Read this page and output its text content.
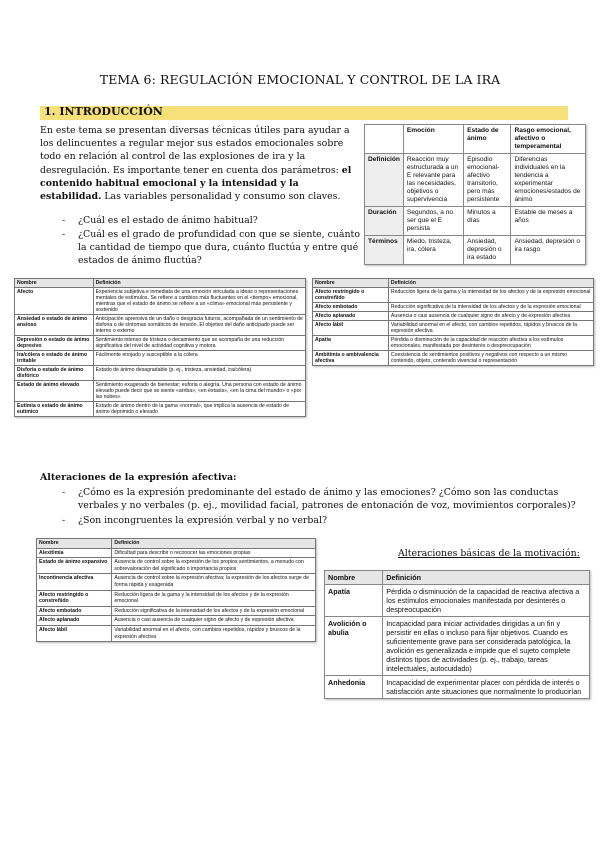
TEMA 6: REGULACIÓN EMOCIONAL Y CONTROL DE LA IRA
1. INTRODUCCIÓN
En este tema se presentan diversas técnicas útiles para ayudar a los delincuentes a regular mejor sus estados emocionales sobre todo en relación al control de las explosiones de ira y la desregulación. Es importante tener en cuenta dos parámetros: el contenido habitual emocional y la intensidad y la estabilidad. Las variables personalidad y consumo son claves.
- ¿Cuál es el estado de ánimo habitual?
- ¿Cuál es el grado de profundidad con que se siente, cuánto la cantidad de tiempo que dura, cuánto fluctúa y entre qué estados de ánimo fluctúa?
	Emoción	Estado de ánimo	Rasgo emocional, afectivo o temperamental
Definición	Reacción muy estructurada a un E relevante para las necesidades, objetivos o supervivencia	Episodio emocional-afectivo transitorio, pero más persistente	Diferencias individuales en la tendencia a experimentar emociones/estados de ánimo
Duración	Segundos, a no ser que el E persista	Minutos a días	Estable de meses a años
Términos	Miedo, tristeza, ira, cólera	Ansiedad, depresión o ira estado	Ansiedad, depresión o ira rasgo
Nombre	Definición
Afecto	Experiencia subjetiva e inmediata de una emoción vinculada a ideas o representaciones mentales de estímulos. Se refiere a cambios más fluctuantes en el «tiempo» emocional, mientras que el estado de ánimo se refiere a un «clima» emocional más persistente y sostenido
Ansiedad o estado de ánimo ansioso	Anticipación aprensiva de un daño o desgracia futuros, acompañada de un sentimiento de disforia o de síntomas somáticos de tensión. El objetivo del daño anticipado puede ser interno o externo
Depresión o estado de ánimo depresivo	Sentimiento intenso de tristeza o decaimiento que se acompaña de una reducción significativa del nivel de actividad cognitiva y motora
Ira/cólera o estado de ánimo irritable	Fácilmente enojado y susceptible a la cólera
Disforia o estado de ánimo disfórico	Estado de ánimo desagradable (p. ej., tristeza, ansiedad, ira/cólera)
Estado de ánimo elevado	Sentimiento exagerado de bienestar; euforia o alegría. Una persona con estado de ánimo elevado puede decir que se siente «arriba», «en éxtasis», «en la cima del mundo» o «por las nubes»
Eutimia o estado de ánimo eutímico	Estado de ánimo dentro de la gama «normal», que implica la ausencia de estado de ánimo deprimido o elevado
Nombre	Definición
Afecto restringido o constreñido	Reducción ligera de la gama y la intensidad de los afectos y de la expresión emocional
Afecto embotado	Reducción significativa de la intensidad de los afectos y de la expresión emocional
Afecto aplanado	Ausencia o casi ausencia de cualquier signo de afecto y de expresión afectiva
Afecto lábil	Variabilidad anormal en el afecto, con cambios repetidos, rápidos y bruscos de la expresión afectiva
Apatía	Pérdida o disminución de la capacidad de reacción afectiva a los estímulos emocionales, manifestada por desinterés o despreocupación
Ambitimia o ambivalencia afectiva	Coexistencia de sentimientos positivos y negativos con respecto a un mismo contenido, objeto, contenido vivencial o representación
Alteraciones de la expresión afectiva:
- ¿Cómo es la expresión predominante del estado de ánimo y las emociones? ¿Cómo son las conductas verbales y no verbales (p. ej., movilidad facial, patrones de entonación de voz, movimientos corporales)?
- ¿Son incongruentes la expresión verbal y no verbal?
Nombre	Definición
Alexitimia	Dificultad para describir o reconocer las emociones propias
Estado de ánimo expansivo	Ausencia de control sobre la expresión de los propios sentimientos, a menudo con sobrevaloración del significado o importancia propios
Incontinencia afectiva	Ausencia de control sobre la expresión afectiva; la expresión de los afectos surge de forma rápida y exagerada
Afecto restringido o constreñido	Reducción ligera de la gama y la intensidad de los afectos y de la expresión emocional
Afecto embotado	Reducción significativa de la intensidad de los afectos y de la expresión emocional
Afecto aplanado	Ausencia o casi ausencia de cualquier signo de afecto y de expresión afectiva
Afecto lábil	Variabilidad anormal en el afecto, con cambios repetidos, rápidos y bruscos de la expresión afectiva
Alteraciones básicas de la motivación:
Nombre	Definición
Apatía	Pérdida o disminución de la capacidad de reactiva afectiva a los estímulos emocionales manifestada por desinterés o despreocupación
Avolición o abulia	Incapacidad para iniciar actividades dirigidas a un fin y persistir en ellas o incluso para fijar objetivos. Cuando es suficientemente grave para ser considerada patológica, la avolición es generalizada e impide que el sujeto complete distintos tipos de actividades (p. ej., trabajo, tareas intelectuales, autocuidado)
Anhedonia	Incapacidad de experimentar placer con pérdida de interés o satisfacción ante situaciones que normalmente lo producirían
